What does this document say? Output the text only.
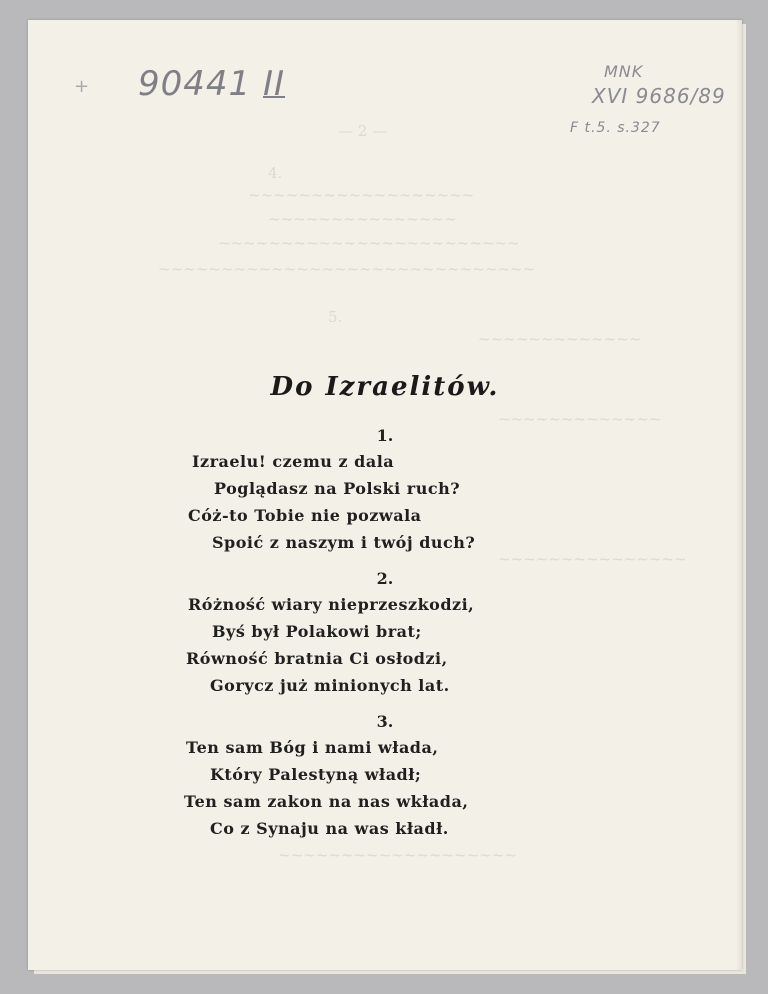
— 2 —
4.
~~~~~~~~~~~~~~~~~~
~~~~~~~~~~~~~~~
~~~~~~~~~~~~~~~~~~~~~~~~
~~~~~~~~~~~~~~~~~~~~~~~~~~~~~~
5.
~~~~~~~~~~~~~
~~~~~~~~~~~~~
~~~~~~~~~~~~~~~
~~~~~~~~~~~~~~~~~~~
+ 90441 II	MNK
XVI 9686/89
F t.5. s.327
Do Izraelitów.
1.
Izraelu! czemu z dala
Poglądasz na Polski ruch?
Cóż-to Tobie nie pozwala
Spoić z naszym i twój duch?
2.
Różność wiary nieprzeszkodzi,
Byś był Polakowi brat;
Równość bratnia Ci osłodzi,
Gorycz już minionych lat.
3.
Ten sam Bóg i nami włada,
Który Palestyną władł;
Ten sam zakon na nas wkłada,
Co z Synaju na was kładł.
